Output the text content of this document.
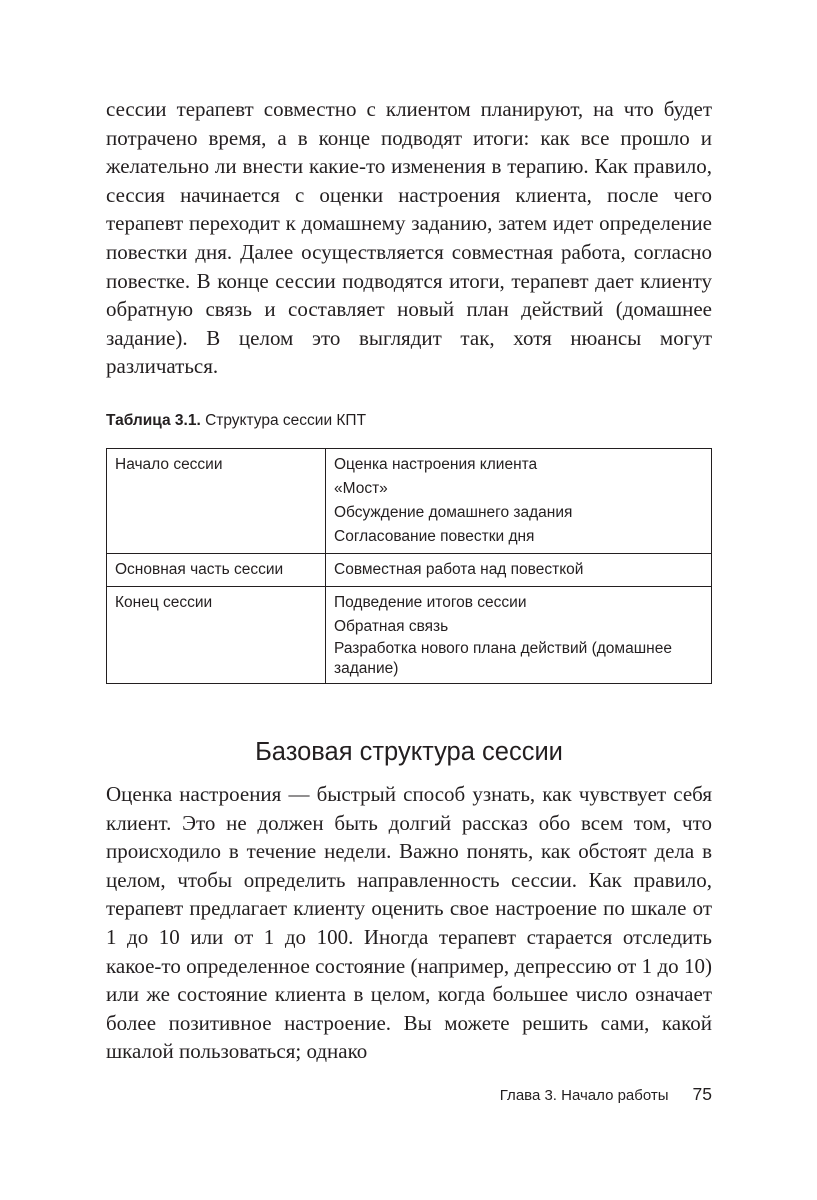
сессии терапевт совместно с клиентом планируют, на что будет потрачено время, а в конце подводят итоги: как все прошло и желательно ли внести какие-то изменения в терапию. Как правило, сессия начинается с оценки настроения клиента, после чего терапевт переходит к домашнему заданию, затем идет определение повестки дня. Далее осуществляется совместная работа, согласно повестке. В конце сессии подводятся итоги, терапевт дает клиенту обратную связь и составляет новый план действий (домашнее задание). В целом это выглядит так, хотя нюансы могут различаться.

Таблица 3.1. Структура сессии КПТ

Начало сессии	Оценка настроения клиента
«Мост»
Обсуждение домашнего задания
Согласование повестки дня

Основная часть сессии	Совместная работа над повесткой

Конец сессии	Подведение итогов сессии
Обратная связь
Разработка нового плана действий (домашнее задание)
Базовая структура сессии

Оценка настроения — быстрый способ узнать, как чувствует себя клиент. Это не должен быть долгий рассказ обо всем том, что происходило в течение недели. Важно понять, как обстоят дела в целом, чтобы определить направленность сессии. Как правило, терапевт предлагает клиенту оценить свое настроение по шкале от 1 до 10 или от 1 до 100. Иногда терапевт старается отследить какое-то определенное состояние (например, депрессию от 1 до 10) или же состояние клиента в целом, когда большее число означает более позитивное настроение. Вы можете решить сами, какой шкалой пользоваться; однако

Глава 3. Начало работы 75
